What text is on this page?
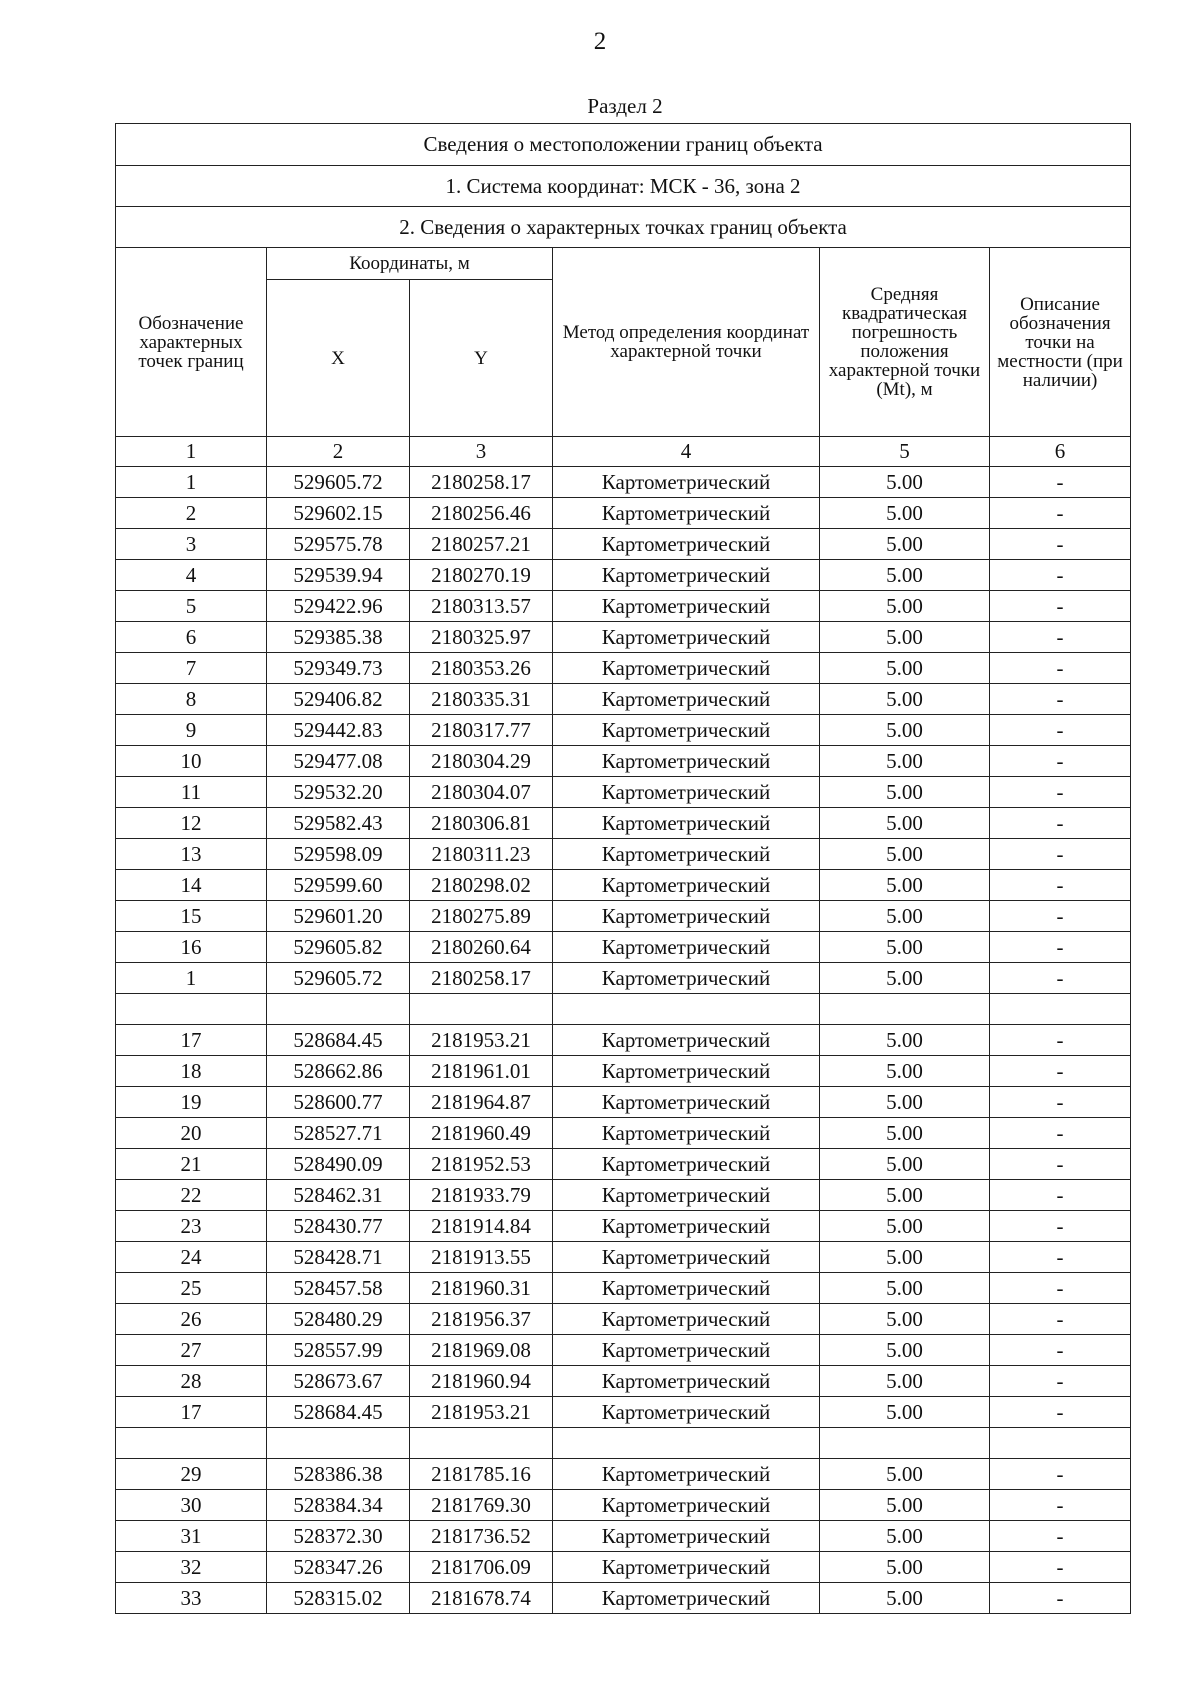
2
Раздел 2
Сведения о местоположении границ объекта					
1. Система координат: МСК - 36, зона 2					
2. Сведения о характерных точках границ объекта					
Обозначение характерных точек границ	Координаты, м		Метод определения координат характерной точки	Средняя квадратическая погрешность положения характерной точки (Mt), м	Описание обозначения точки на местности (при наличии)
	X	Y			
1	2	3	4	5	6
1	529605.72	2180258.17	Картометрический	5.00	-
2	529602.15	2180256.46	Картометрический	5.00	-
3	529575.78	2180257.21	Картометрический	5.00	-
4	529539.94	2180270.19	Картометрический	5.00	-
5	529422.96	2180313.57	Картометрический	5.00	-
6	529385.38	2180325.97	Картометрический	5.00	-
7	529349.73	2180353.26	Картометрический	5.00	-
8	529406.82	2180335.31	Картометрический	5.00	-
9	529442.83	2180317.77	Картометрический	5.00	-
10	529477.08	2180304.29	Картометрический	5.00	-
11	529532.20	2180304.07	Картометрический	5.00	-
12	529582.43	2180306.81	Картометрический	5.00	-
13	529598.09	2180311.23	Картометрический	5.00	-
14	529599.60	2180298.02	Картометрический	5.00	-
15	529601.20	2180275.89	Картометрический	5.00	-
16	529605.82	2180260.64	Картометрический	5.00	-
1	529605.72	2180258.17	Картометрический	5.00	-

17	528684.45	2181953.21	Картометрический	5.00	-
18	528662.86	2181961.01	Картометрический	5.00	-
19	528600.77	2181964.87	Картометрический	5.00	-
20	528527.71	2181960.49	Картометрический	5.00	-
21	528490.09	2181952.53	Картометрический	5.00	-
22	528462.31	2181933.79	Картометрический	5.00	-
23	528430.77	2181914.84	Картометрический	5.00	-
24	528428.71	2181913.55	Картометрический	5.00	-
25	528457.58	2181960.31	Картометрический	5.00	-
26	528480.29	2181956.37	Картометрический	5.00	-
27	528557.99	2181969.08	Картометрический	5.00	-
28	528673.67	2181960.94	Картометрический	5.00	-
17	528684.45	2181953.21	Картометрический	5.00	-

29	528386.38	2181785.16	Картометрический	5.00	-
30	528384.34	2181769.30	Картометрический	5.00	-
31	528372.30	2181736.52	Картометрический	5.00	-
32	528347.26	2181706.09	Картометрический	5.00	-
33	528315.02	2181678.74	Картометрический	5.00	-
